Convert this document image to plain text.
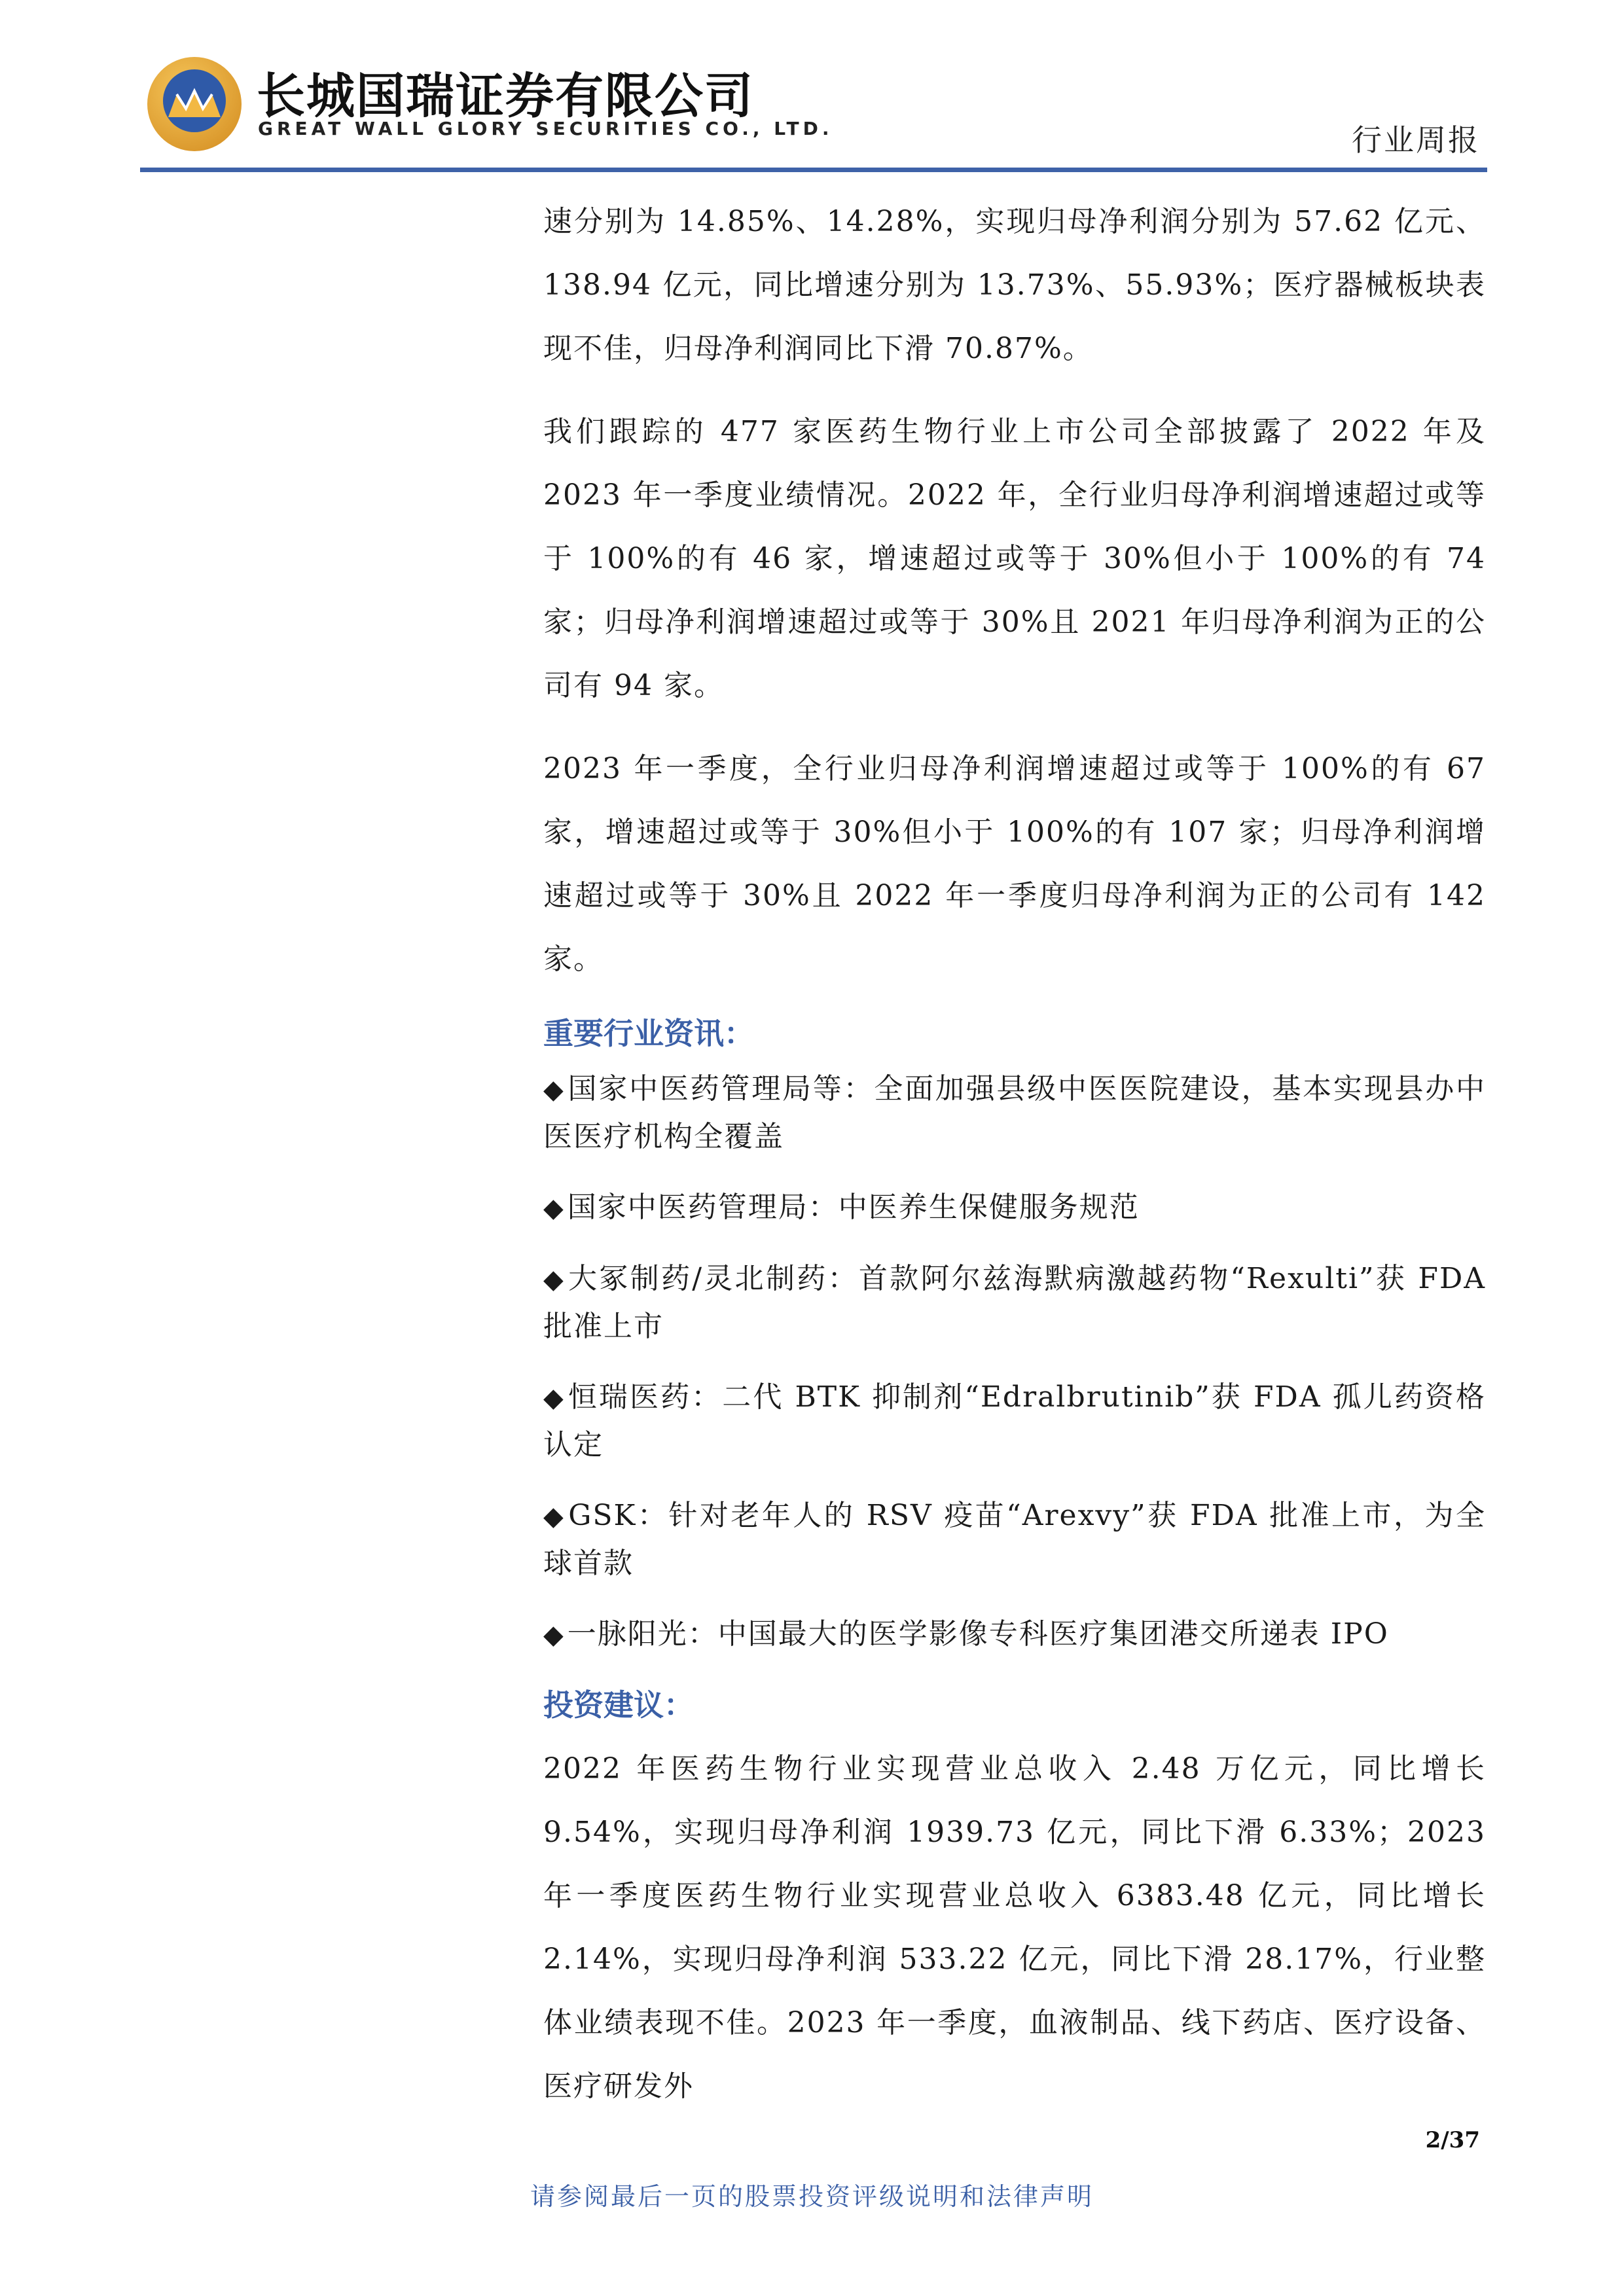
长城国瑞证券有限公司
GREAT WALL GLORY SECURITIES CO., LTD.	行业周报

速分别为 14.85%、14.28%，实现归母净利润分别为 57.62 亿元、138.94 亿元，同比增速分别为 13.73%、55.93%；医疗器械板块表现不佳，归母净利润同比下滑 70.87%。

我们跟踪的 477 家医药生物行业上市公司全部披露了 2022 年及 2023 年一季度业绩情况。2022 年，全行业归母净利润增速超过或等于 100%的有 46 家，增速超过或等于 30%但小于 100%的有 74 家；归母净利润增速超过或等于 30%且 2021 年归母净利润为正的公司有 94 家。

2023 年一季度，全行业归母净利润增速超过或等于 100%的有 67 家，增速超过或等于 30%但小于 100%的有 107 家；归母净利润增速超过或等于 30%且 2022 年一季度归母净利润为正的公司有 142 家。

重要行业资讯：
◆国家中医药管理局等：全面加强县级中医医院建设，基本实现县办中医医疗机构全覆盖
◆国家中医药管理局：中医养生保健服务规范
◆大冢制药/灵北制药：首款阿尔兹海默病激越药物“Rexulti”获 FDA 批准上市
◆恒瑞医药：二代 BTK 抑制剂“Edralbrutinib”获 FDA 孤儿药资格认定
◆GSK：针对老年人的 RSV 疫苗“Arexvy”获 FDA 批准上市，为全球首款
◆一脉阳光：中国最大的医学影像专科医疗集团港交所递表 IPO
投资建议：

2022 年医药生物行业实现营业总收入 2.48 万亿元，同比增长 9.54%，实现归母净利润 1939.73 亿元，同比下滑 6.33%；2023 年一季度医药生物行业实现营业总收入 6383.48 亿元，同比增长 2.14%，实现归母净利润 533.22 亿元，同比下滑 28.17%，行业整体业绩表现不佳。2023 年一季度，血液制品、线下药店、医疗设备、医疗研发外

2/37
请参阅最后一页的股票投资评级说明和法律声明
